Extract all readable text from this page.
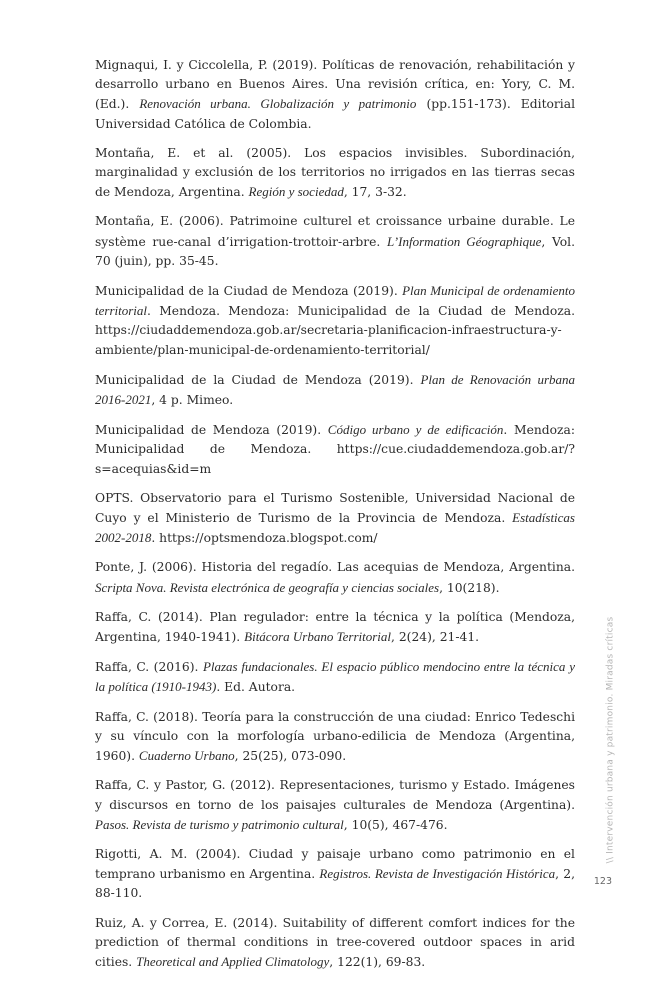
Mignaqui, I. y Ciccolella, P. (2019). Políticas de renovación, rehabilitación y desarrollo urbano en Buenos Aires. Una revisión crítica, en: Yory, C. M. (Ed.). Renovación urbana. Globalización y patrimonio (pp.151-173). Editorial Universidad Católica de Colombia.

Montaña, E. et al. (2005). Los espacios invisibles. Subordinación, marginalidad y exclusión de los territorios no irrigados en las tierras secas de Mendoza, Argentina. Región y sociedad, 17, 3-32.

Montaña, E. (2006). Patrimoine culturel et croissance urbaine durable. Le système rue-canal d’irrigation-trottoir-arbre. L’Information Géographique, Vol. 70 (juin), pp. 35-45.

Municipalidad de la Ciudad de Mendoza (2019). Plan Municipal de ordenamiento territorial. Mendoza. Mendoza: Municipalidad de la Ciudad de Mendoza. https://ciudaddemendoza.gob.ar/secretaria-planificacion-infraestructura-y-ambiente/plan-municipal-de-ordenamiento-territorial/

Municipalidad de la Ciudad de Mendoza (2019). Plan de Renovación urbana 2016-2021, 4 p. Mimeo.

Municipalidad de Mendoza (2019). Código urbano y de edificación. Mendoza: Municipalidad de Mendoza. https://cue.ciudaddemendoza.gob.ar/?s=acequias&id=m

OPTS. Observatorio para el Turismo Sostenible, Universidad Nacional de Cuyo y el Ministerio de Turismo de la Provincia de Mendoza. Estadísticas 2002-2018. https://optsmendoza.blogspot.com/

Ponte, J. (2006). Historia del regadío. Las acequias de Mendoza, Argentina. Scripta Nova. Revista electrónica de geografía y ciencias sociales, 10(218).

Raffa, C. (2014). Plan regulador: entre la técnica y la política (Mendoza, Argentina, 1940-1941). Bitácora Urbano Territorial, 2(24), 21-41.

Raffa, C. (2016). Plazas fundacionales. El espacio público mendocino entre la técnica y la política (1910-1943). Ed. Autora.

Raffa, C. (2018). Teoría para la construcción de una ciudad: Enrico Tedeschi y su vínculo con la morfología urbano-edilicia de Mendoza (Argentina, 1960). Cuaderno Urbano, 25(25), 073-090.

Raffa, C. y Pastor, G. (2012). Representaciones, turismo y Estado. Imágenes y discursos en torno de los paisajes culturales de Mendoza (Argentina). Pasos. Revista de turismo y patrimonio cultural, 10(5), 467-476.

Rigotti, A. M. (2004). Ciudad y paisaje urbano como patrimonio en el temprano urbanismo en Argentina. Registros. Revista de Investigación Histórica, 2, 88-110.

Ruiz, A. y Correa, E. (2014). Suitability of different comfort indices for the prediction of thermal conditions in tree-covered outdoor spaces in arid cities. Theoretical and Applied Climatology, 122(1), 69-83.

\\ Intervención urbana y patrimonio. Miradas críticas
123
